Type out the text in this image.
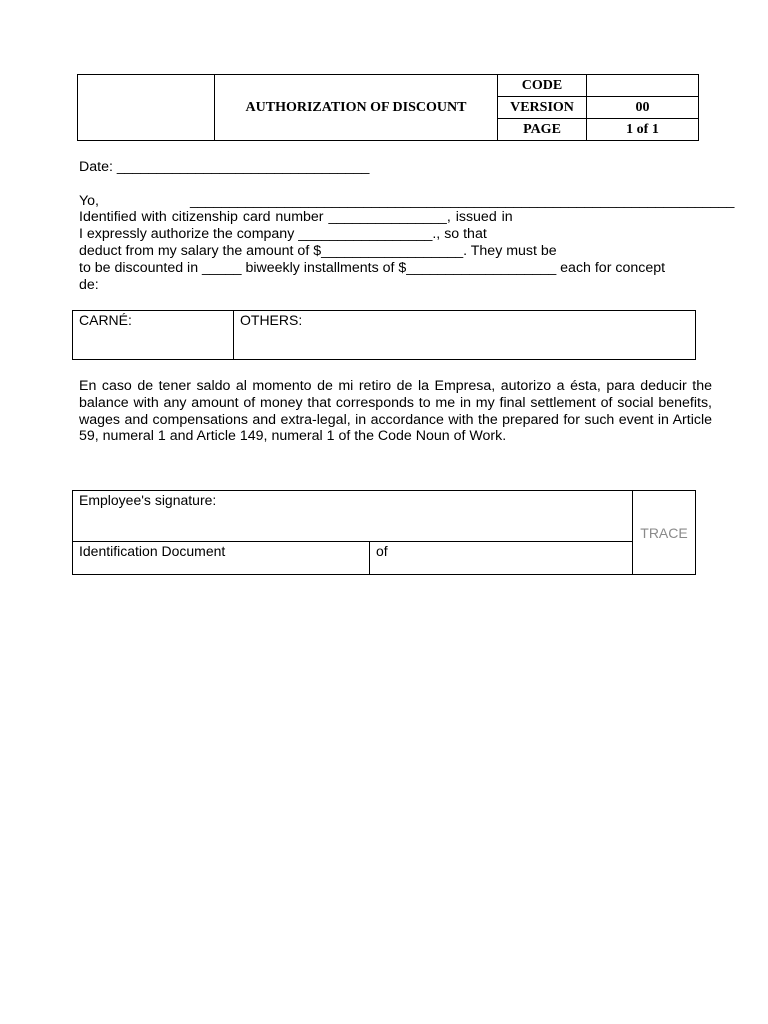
	AUTHORIZATION OF DISCOUNT	CODE	
		VERSION	00
		PAGE	1 of 1
Date: ________________________________
Yo,	_____________________________________________________________________
Identified with citizenship card number _______________, issued in
I expressly authorize the company _________________., so that
deduct from my salary the amount of $__________________. They must be
to be discounted in _____ biweekly installments of $___________________ each for concept
de:
CARNÉ:	OTHERS:
En caso de tener saldo al momento de mi retiro de la Empresa, autorizo a ésta, para deducir the balance with any amount of money that corresponds to me in my final settlement of social benefits, wages and compensations and extra-legal, in accordance with the prepared for such event in Article 59, numeral 1 and Article 149, numeral 1 of the Code Noun of Work.
Employee's signature:		TRACE
Identification Document	of	
